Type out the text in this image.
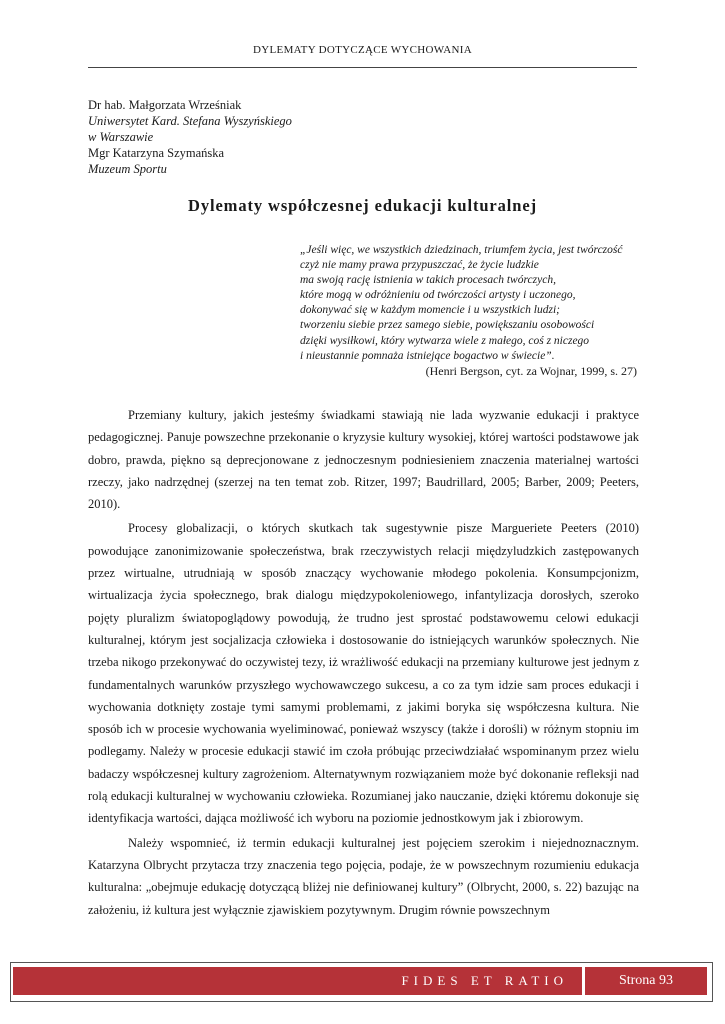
DYLEMATY DOTYCZĄCE WYCHOWANIA
Dr hab. Małgorzata Wrześniak
Uniwersytet Kard. Stefana Wyszyńskiego
w Warszawie
Mgr Katarzyna Szymańska
Muzeum Sportu
Dylematy współczesnej edukacji kulturalnej
„Jeśli więc, we wszystkich dziedzinach, triumfem życia, jest twórczość
czyż nie mamy prawa przypuszczać, że życie ludzkie
ma swoją rację istnienia w takich procesach twórczych,
które mogą w odróżnieniu od twórczości artysty i uczonego,
dokonywać się w każdym momencie i u wszystkich ludzi;
tworzeniu siebie przez samego siebie, powiększaniu osobowości
dzięki wysiłkowi, który wytwarza wiele z małego, coś z niczego
i nieustannie pomnaża istniejące bogactwo w świecie”.
(Henri Bergson, cyt. za Wojnar, 1999, s. 27)

Przemiany kultury, jakich jesteśmy świadkami stawiają nie lada wyzwanie edukacji i praktyce pedagogicznej. Panuje powszechne przekonanie o kryzysie kultury wysokiej, której wartości podstawowe jak dobro, prawda, piękno są deprecjonowane z jednoczesnym podniesieniem znaczenia materialnej wartości rzeczy, jako nadrzędnej (szerzej na ten temat zob. Ritzer, 1997; Baudrillard, 2005; Barber, 2009; Peeters, 2010).

Procesy globalizacji, o których skutkach tak sugestywnie pisze Margueriete Peeters (2010) powodujące zanonimizowanie społeczeństwa, brak rzeczywistych relacji międzyludzkich zastępowanych przez wirtualne, utrudniają w sposób znaczący wychowanie młodego pokolenia. Konsumpcjonizm, wirtualizacja życia społecznego, brak dialogu międzypokoleniowego, infantylizacja dorosłych, szeroko pojęty pluralizm światopoglądowy powodują, że trudno jest sprostać podstawowemu celowi edukacji kulturalnej, którym jest socjalizacja człowieka i dostosowanie do istniejących warunków społecznych. Nie trzeba nikogo przekonywać do oczywistej tezy, iż wrażliwość edukacji na przemiany kulturowe jest jednym z fundamentalnych warunków przyszłego wychowawczego sukcesu, a co za tym idzie sam proces edukacji i wychowania dotknięty zostaje tymi samymi problemami, z jakimi boryka się współczesna kultura. Nie sposób ich w procesie wychowania wyeliminować, ponieważ wszyscy (także i dorośli) w różnym stopniu im podlegamy. Należy w procesie edukacji stawić im czoła próbując przeciwdziałać wspominanym przez wielu badaczy współczesnej kultury zagrożeniom. Alternatywnym rozwiązaniem może być dokonanie refleksji nad rolą edukacji kulturalnej w wychowaniu człowieka. Rozumianej jako nauczanie, dzięki któremu dokonuje się identyfikacja wartości, dająca możliwość ich wyboru na poziomie jednostkowym jak i zbiorowym.

Należy wspomnieć, iż termin edukacji kulturalnej jest pojęciem szerokim i niejednoznacznym. Katarzyna Olbrycht przytacza trzy znaczenia tego pojęcia, podaje, że w powszechnym rozumieniu edukacja kulturalna: „obejmuje edukację dotyczącą bliżej nie definiowanej kultury” (Olbrycht, 2000, s. 22) bazując na założeniu, iż kultura jest wyłącznie zjawiskiem pozytywnym. Drugim równie powszechnym

FIDES ET RATIO	Strona 93
